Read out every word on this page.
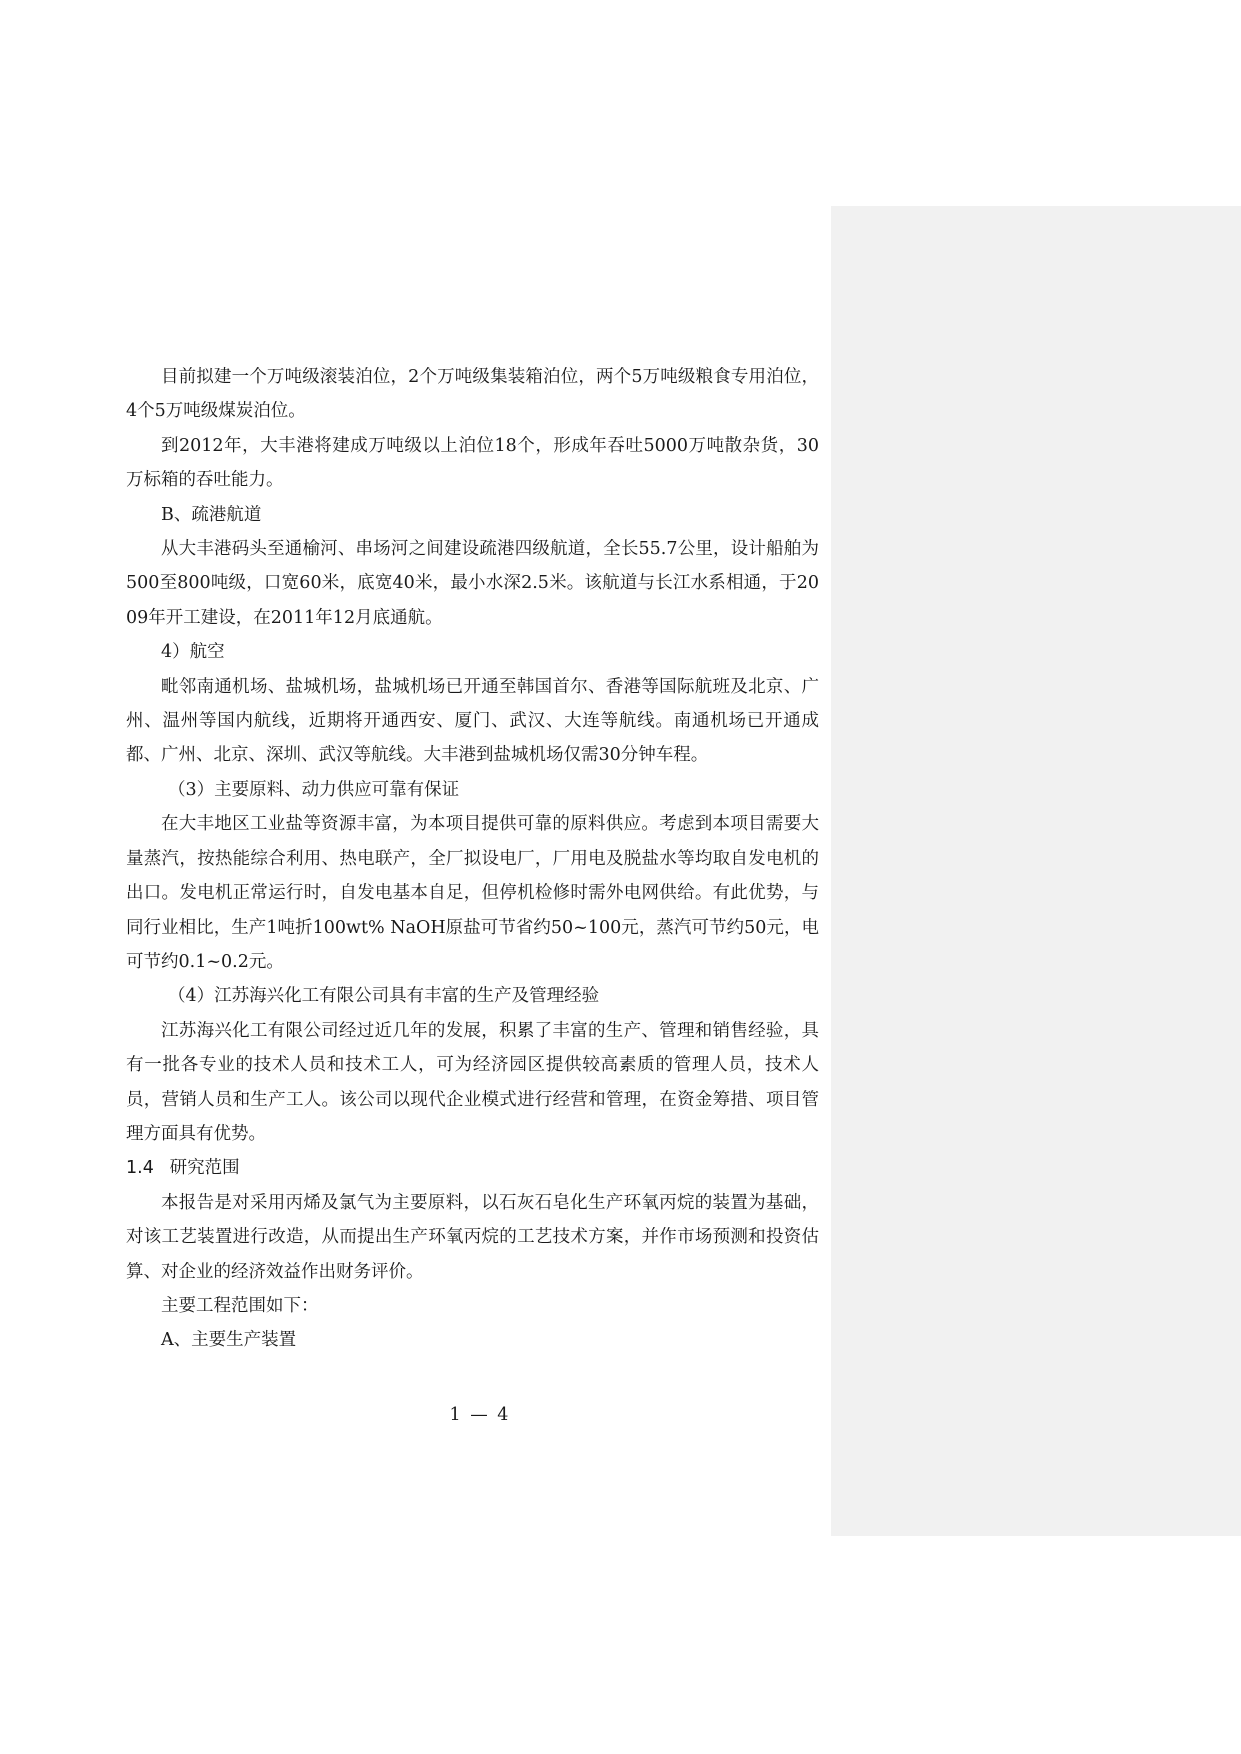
目前拟建一个万吨级滚装泊位，2个万吨级集装箱泊位，两个5万吨级粮食专用泊位，4个5万吨级煤炭泊位。

到2012年，大丰港将建成万吨级以上泊位18个，形成年吞吐5000万吨散杂货，30万标箱的吞吐能力。

B、疏港航道

从大丰港码头至通榆河、串场河之间建设疏港四级航道，全长55.7公里，设计船舶为500至800吨级，口宽60米，底宽40米，最小水深2.5米。该航道与长江水系相通，于2009年开工建设，在2011年12月底通航。

4）航空

毗邻南通机场、盐城机场，盐城机场已开通至韩国首尔、香港等国际航班及北京、广州、温州等国内航线，近期将开通西安、厦门、武汉、大连等航线。南通机场已开通成都、广州、北京、深圳、武汉等航线。大丰港到盐城机场仅需30分钟车程。

（3）主要原料、动力供应可靠有保证

在大丰地区工业盐等资源丰富，为本项目提供可靠的原料供应。考虑到本项目需要大量蒸汽，按热能综合利用、热电联产，全厂拟设电厂，厂用电及脱盐水等均取自发电机的出口。发电机正常运行时，自发电基本自足，但停机检修时需外电网供给。有此优势，与同行业相比，生产1吨折100wt% NaOH原盐可节省约50~100元，蒸汽可节约50元，电可节约0.1~0.2元。

（4）江苏海兴化工有限公司具有丰富的生产及管理经验

江苏海兴化工有限公司经过近几年的发展，积累了丰富的生产、管理和销售经验，具有一批各专业的技术人员和技术工人，可为经济园区提供较高素质的管理人员，技术人员，营销人员和生产工人。该公司以现代企业模式进行经营和管理，在资金筹措、项目管理方面具有优势。

1.4 研究范围

本报告是对采用丙烯及氯气为主要原料，以石灰石皂化生产环氧丙烷的装置为基础，对该工艺装置进行改造，从而提出生产环氧丙烷的工艺技术方案，并作市场预测和投资估算、对企业的经济效益作出财务评价。

主要工程范围如下：

A、主要生产装置

1 — 4
